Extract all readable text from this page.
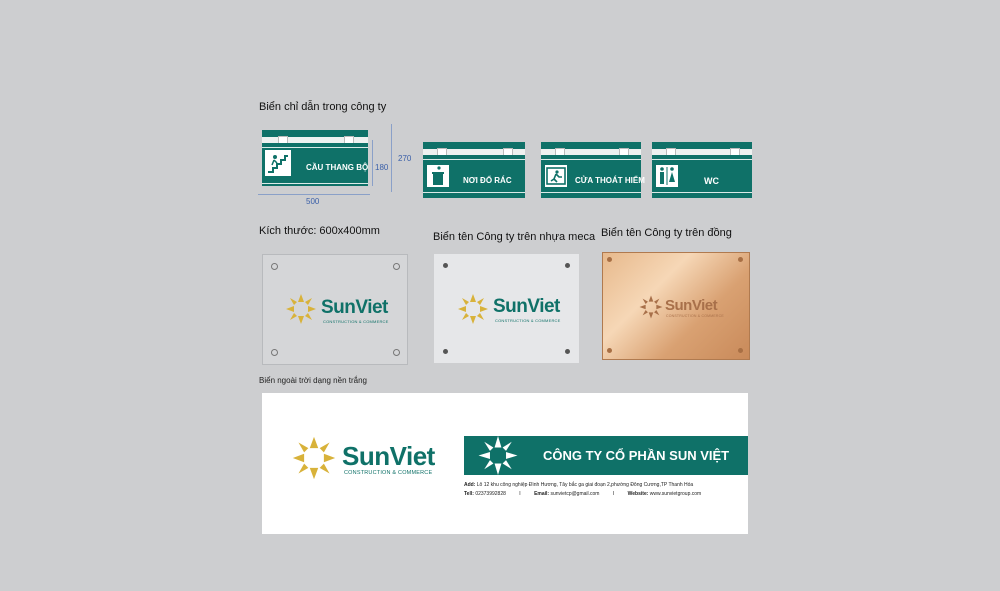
Biển chỉ dẫn trong công ty
CẦU THANG BỘ
500
180
270
NƠI ĐỔ RÁC	CỬA THOÁT HIỂM	WC
Kích thước: 600x400mm	Biển tên Công ty trên nhựa meca Biển tên Công ty trên đồng
SunViet
CONSTRUCTION & COMMERCE
SunViet
CONSTRUCTION & COMMERCE
SunViet
CONSTRUCTION & COMMERCE
Biển ngoài trời dạng nền trắng
SunViet
CONSTRUCTION & COMMERCE
CÔNG TY CỔ PHẦN SUN VIỆT
Add: Lô 12 khu công nghiệp Đình Hương, Tây bắc ga giai đoạn 2,phường Đông Cương,TP Thanh Hóa
Tell: 02373992828	I	Email: sunvietcp@gmail.com	I	Website: www.sunvietgroup.com
